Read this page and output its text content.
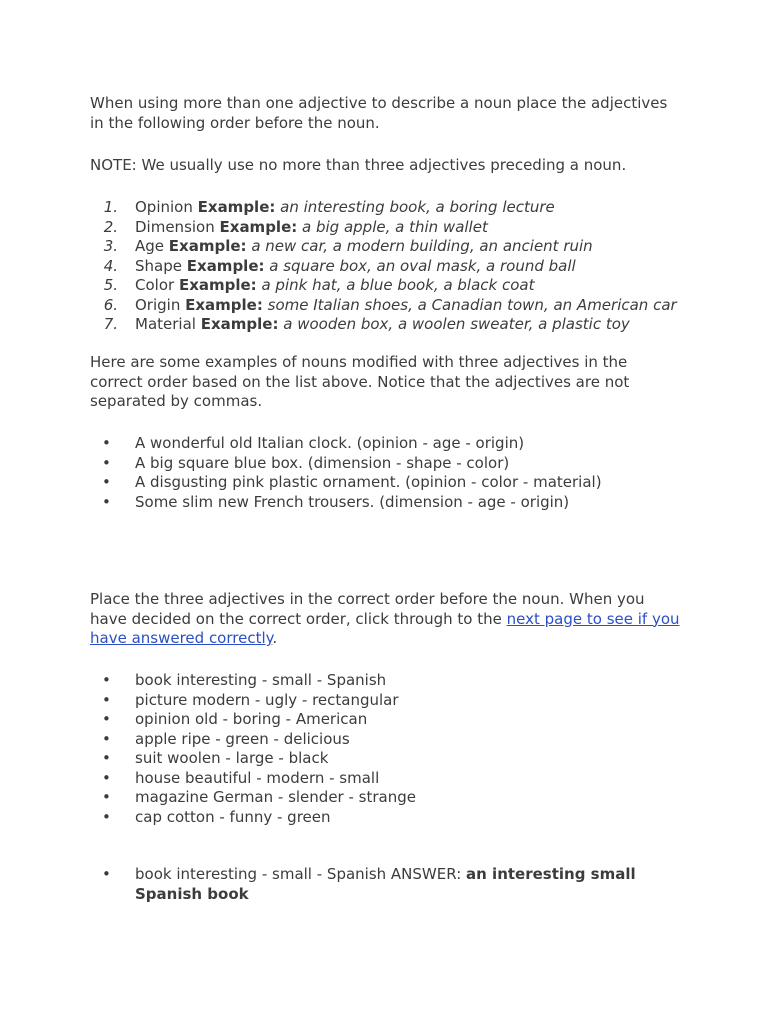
When using more than one adjective to describe a noun place the adjectives in the following order before the noun.

NOTE: We usually use no more than three adjectives preceding a noun.

1. Opinion Example: an interesting book, a boring lecture
2. Dimension Example: a big apple, a thin wallet
3. Age Example: a new car, a modern building, an ancient ruin
4. Shape Example: a square box, an oval mask, a round ball
5. Color Example: a pink hat, a blue book, a black coat
6. Origin Example: some Italian shoes, a Canadian town, an American car
7. Material Example: a wooden box, a woolen sweater, a plastic toy

Here are some examples of nouns modified with three adjectives in the correct order based on the list above. Notice that the adjectives are not separated by commas.

• A wonderful old Italian clock. (opinion - age - origin)
• A big square blue box. (dimension - shape - color)
• A disgusting pink plastic ornament. (opinion - color - material)
• Some slim new French trousers. (dimension - age - origin)

Place the three adjectives in the correct order before the noun. When you have decided on the correct order, click through to the next page to see if you have answered correctly.

• book interesting - small - Spanish
• picture modern - ugly - rectangular
• opinion old - boring - American
• apple ripe - green - delicious
• suit woolen - large - black
• house beautiful - modern - small
• magazine German - slender - strange
• cap cotton - funny - green
• book interesting - small - Spanish ANSWER: an interesting small Spanish book
